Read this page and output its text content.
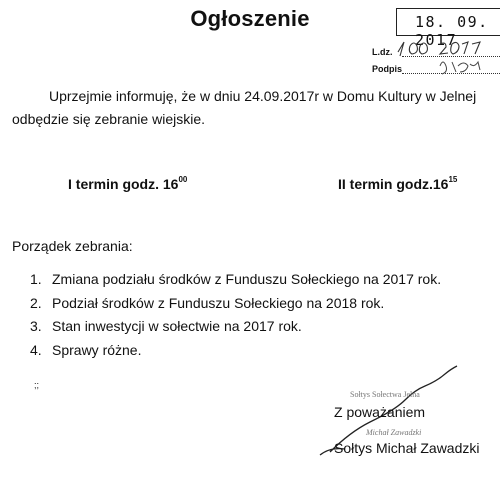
Ogłoszenie	18. 09. 2017
L.dz.
Podpis
Uprzejmie informuję, że w dniu 24.09.2017r w Domu Kultury w Jelnej odbędzie się zebranie wiejskie.
I termin godz. $16^{00}$	II termin $godz.16^{15}$
Porządek zebrania:
1. Zmiana podziału środków z Funduszu Sołeckiego na 2017 rok.
2. Podział środków z Funduszu Sołeckiego na 2018 rok.
3. Stan inwestycji w sołectwie na 2017 rok.
4. Sprawy różne.
;;
Sołtys Sołectwa Jelna
Michał Zawadzki
Z poważaniem
Sołtys Michał Zawadzki
